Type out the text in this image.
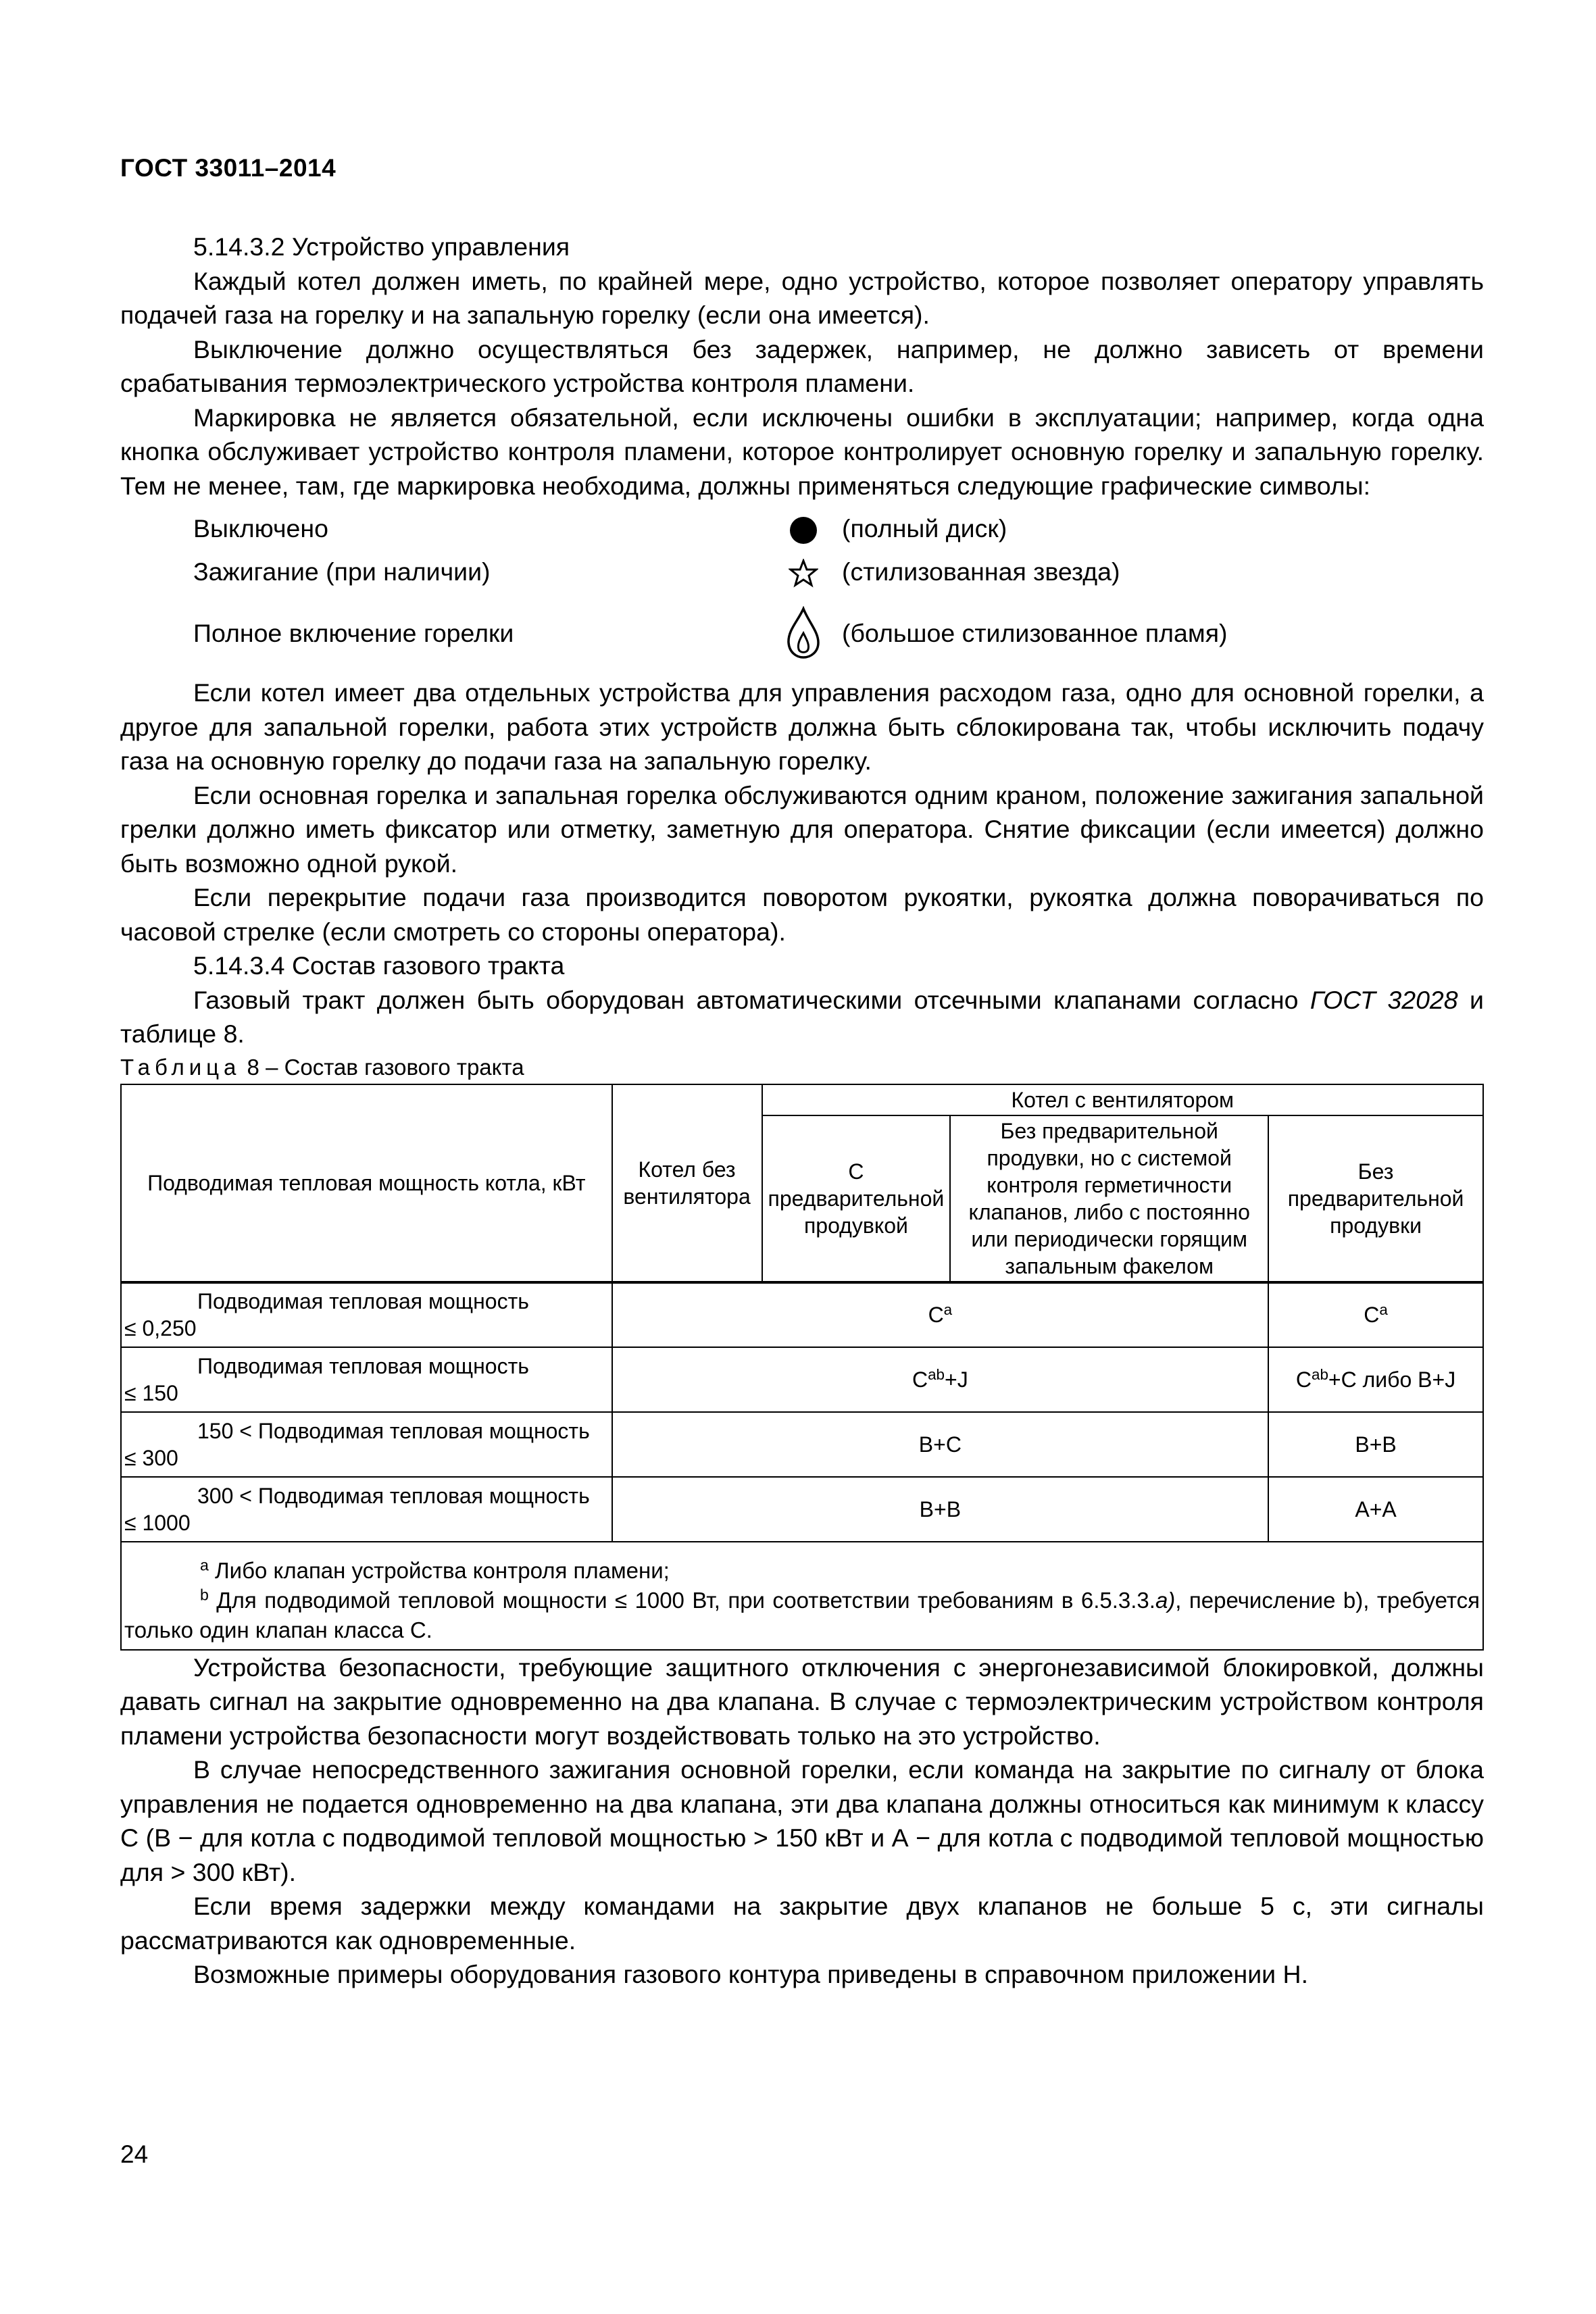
ГОСТ 33011–2014

5.14.3.2 Устройство управления

Каждый котел должен иметь, по крайней мере, одно устройство, которое позволяет оператору управлять подачей газа на горелку и на запальную горелку (если она имеется).

Выключение должно осуществляться без задержек, например, не должно зависеть от времени срабатывания термоэлектрического устройства контроля пламени.

Маркировка не является обязательной, если исключены ошибки в эксплуатации; например, когда одна кнопка обслуживает устройство контроля пламени, которое контролирует основную горелку и запальную горелку. Тем не менее, там, где маркировка необходима, должны применяться следующие графические символы:

Выключено		(полный диск)
Зажигание (при наличии)		(стилизованная звезда)
Полное включение горелки		(большое стилизованное пламя)

Если котел имеет два отдельных устройства для управления расходом газа, одно для основной горелки, а другое для запальной горелки, работа этих устройств должна быть сблокирована так, чтобы исключить подачу газа на основную горелку до подачи газа на запальную горелку.

Если основная горелка и запальная горелка обслуживаются одним краном, положение зажигания запальной грелки должно иметь фиксатор или отметку, заметную для оператора. Снятие фиксации (если имеется) должно быть возможно одной рукой.

Если перекрытие подачи газа производится поворотом рукоятки, рукоятка должна поворачиваться по часовой стрелке (если смотреть со стороны оператора).

5.14.3.4 Состав газового тракта

Газовый тракт должен быть оборудован автоматическими отсечными клапанами согласно ГОСТ 32028 и таблице 8.

Таблица 8 – Состав газового тракта
Подводимая тепловая мощность котла, кВт	Котел без вентилятора	Котел с вентилятором		
		С предварительной продувкой	Без предварительной продувки, но с системой контроля герметичности клапанов, либо с постоянно или периодически горящим запальным факелом	Без предварительной продувки
Подводимая тепловая мощность
≤ 0,250	$C^a$			$C^a$
Подводимая тепловая мощность
≤ 150	$C^{ab}+J$			$C^{ab}+C$ либо B+J
150 < Подводимая тепловая мощность
≤ 300	B+C			B+B
300 < Подводимая тепловая мощность
≤ 1000	B+B			A+A

$^a$ Либо клапан устройства контроля пламени;
$^b$ Для подводимой тепловой мощности ≤ 1000 Вт, при соответствии требованиям в 6.5.3.3.a), перечисление b), требуется только один клапан класса С.				

Устройства безопасности, требующие защитного отключения с энергонезависимой блокировкой, должны давать сигнал на закрытие одновременно на два клапана. В случае с термоэлектрическим устройством контроля пламени устройства безопасности могут воздействовать только на это устройство.

В случае непосредственного зажигания основной горелки, если команда на закрытие по сигналу от блока управления не подается одновременно на два клапана, эти два клапана должны относиться как минимум к классу С (В − для котла с подводимой тепловой мощностью > 150 кВт и А − для котла с подводимой тепловой мощностью для > 300 кВт).

Если время задержки между командами на закрытие двух клапанов не больше 5 с, эти сигналы рассматриваются как одновременные.

Возможные примеры оборудования газового контура приведены в справочном приложении Н.

24
